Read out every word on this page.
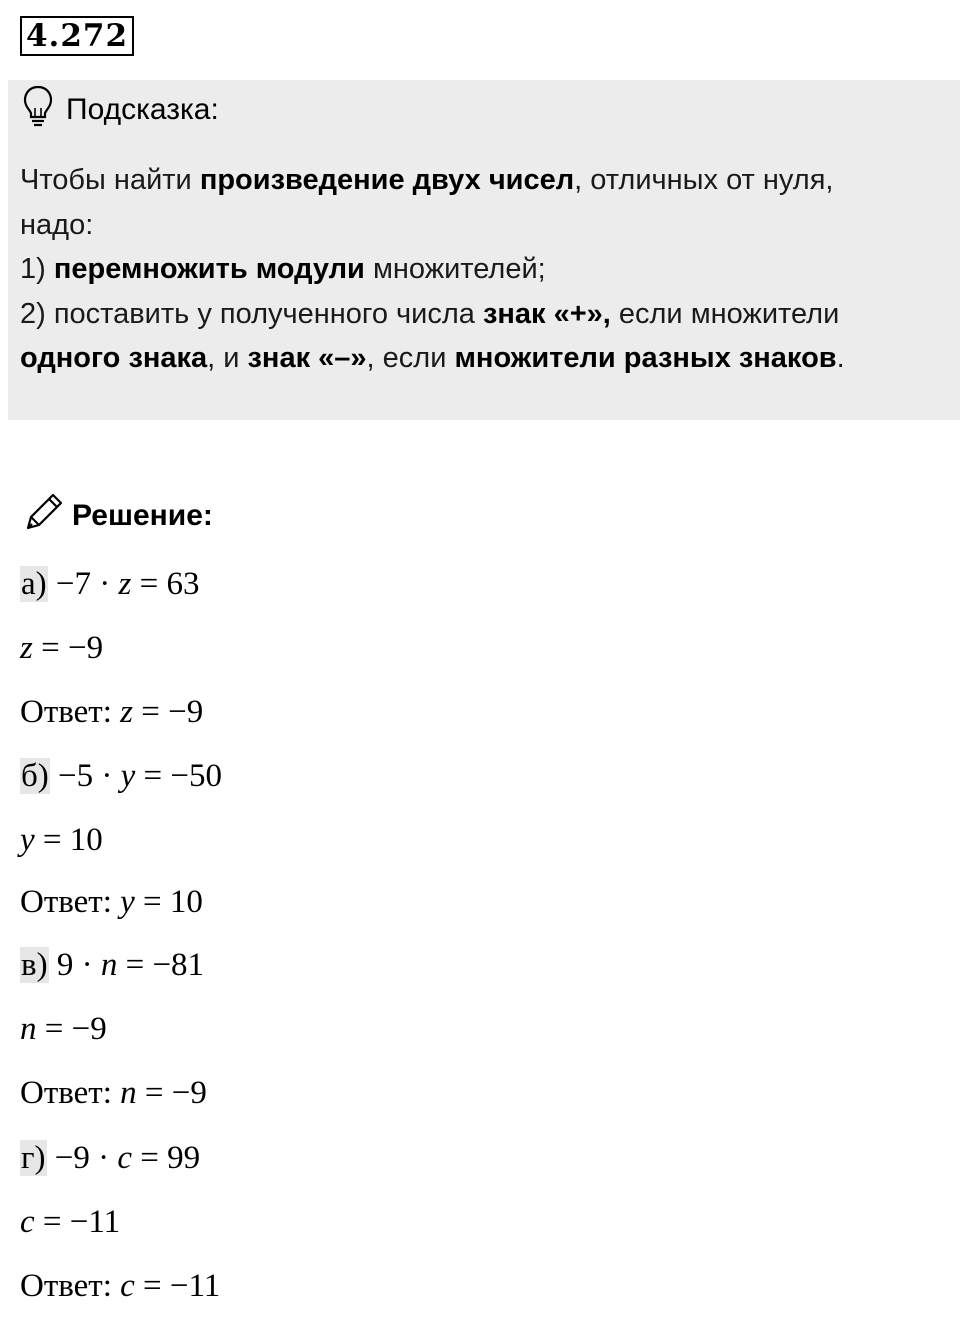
4.272
Подсказка:
Чтобы найти произведение двух чисел, отличных от нуля,
надо:
1) перемножить модули множителей;
2) поставить у полученного числа знак «+», если множители
одного знака, и знак «–», если множители разных знаков.
Решение:
а) −7 · z = 63
z = −9
Ответ: z = −9
б) −5 · y = −50
y = 10
Ответ: y = 10
в) 9 · n = −81
n = −9
Ответ: n = −9
г) −9 · c = 99
c = −11
Ответ: c = −11
